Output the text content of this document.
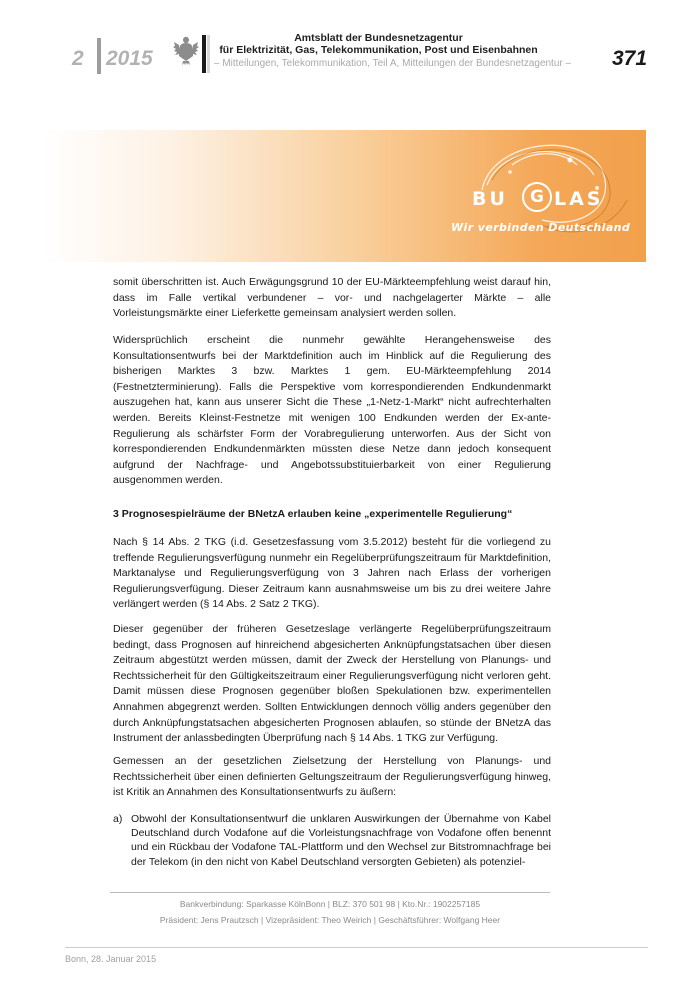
2 2015
Amtsblatt der Bundesnetzagentur
für Elektrizität, Gas, Telekommunikation, Post und Eisenbahnen
– Mitteilungen, Telekommunikation, Teil A, Mitteilungen der Bundesnetzagentur – 371
BU	G LAS
Wir verbinden Deutschland

somit überschritten ist. Auch Erwägungsgrund 10 der EU-Märkteempfehlung weist darauf hin, dass im Falle vertikal verbundener – vor- und nachgelagerter Märkte – alle Vorleistungsmärkte einer Lieferkette gemeinsam analysiert werden sollen.

Widersprüchlich erscheint die nunmehr gewählte Herangehensweise des Konsultationsentwurfs bei der Marktdefinition auch im Hinblick auf die Regulierung des bisherigen Marktes 3 bzw. Marktes 1 gem. EU-Märkteempfehlung 2014 (Festnetzterminierung). Falls die Perspektive vom korrespondierenden Endkundenmarkt auszugehen hat, kann aus unserer Sicht die These „1-Netz-1-Markt“ nicht aufrechterhalten werden. Bereits Kleinst-Festnetze mit wenigen 100 Endkunden werden der Ex-ante-Regulierung als schärfster Form der Vorabregulierung unterworfen. Aus der Sicht von korrespondierenden Endkundenmärkten müssten diese Netze dann jedoch konsequent aufgrund der Nachfrage- und Angebotssubstituierbarkeit von einer Regulierung ausgenommen werden.

3 Prognosespielräume der BNetzA erlauben keine „experimentelle Regulierung“

Nach § 14 Abs. 2 TKG (i.d. Gesetzesfassung vom 3.5.2012) besteht für die vorliegend zu treffende Regulierungsverfügung nunmehr ein Regelüberprüfungszeitraum für Marktdefinition, Marktanalyse und Regulierungsverfügung von 3 Jahren nach Erlass der vorherigen Regulierungsverfügung. Dieser Zeitraum kann ausnahmsweise um bis zu drei weitere Jahre verlängert werden (§ 14 Abs. 2 Satz 2 TKG).

Dieser gegenüber der früheren Gesetzeslage verlängerte Regelüberprüfungszeitraum bedingt, dass Prognosen auf hinreichend abgesicherten Anknüpfungstatsachen über diesen Zeitraum abgestützt werden müssen, damit der Zweck der Herstellung von Planungs- und Rechtssicherheit für den Gültigkeitszeitraum einer Regulierungsverfügung nicht verloren geht. Damit müssen diese Prognosen gegenüber bloßen Spekulationen bzw. experimentellen Annahmen abgegrenzt werden. Sollten Entwicklungen dennoch völlig anders gegenüber den durch Anknüpfungstatsachen abgesicherten Prognosen ablaufen, so stünde der BNetzA das Instrument der anlassbedingten Überprüfung nach § 14 Abs. 1 TKG zur Verfügung.

Gemessen an der gesetzlichen Zielsetzung der Herstellung von Planungs- und Rechtssicherheit über einen definierten Geltungszeitraum der Regulierungsverfügung hinweg, ist Kritik an Annahmen des Konsultationsentwurfs zu äußern:

a) Obwohl der Konsultationsentwurf die unklaren Auswirkungen der Übernahme von Kabel Deutschland durch Vodafone auf die Vorleistungsnachfrage von Vodafone offen benennt und ein Rückbau der Vodafone TAL-Plattform und den Wechsel zur Bitstromnachfrage bei der Telekom (in den nicht von Kabel Deutschland versorgten Gebieten) als potenziel-
Bankverbindung: Sparkasse KölnBonn | BLZ: 370 501 98 | Kto.Nr.: 1902257185
Präsident: Jens Prautzsch | Vizepräsident: Theo Weirich | Geschäftsführer: Wolfgang Heer
Bonn, 28. Januar 2015
